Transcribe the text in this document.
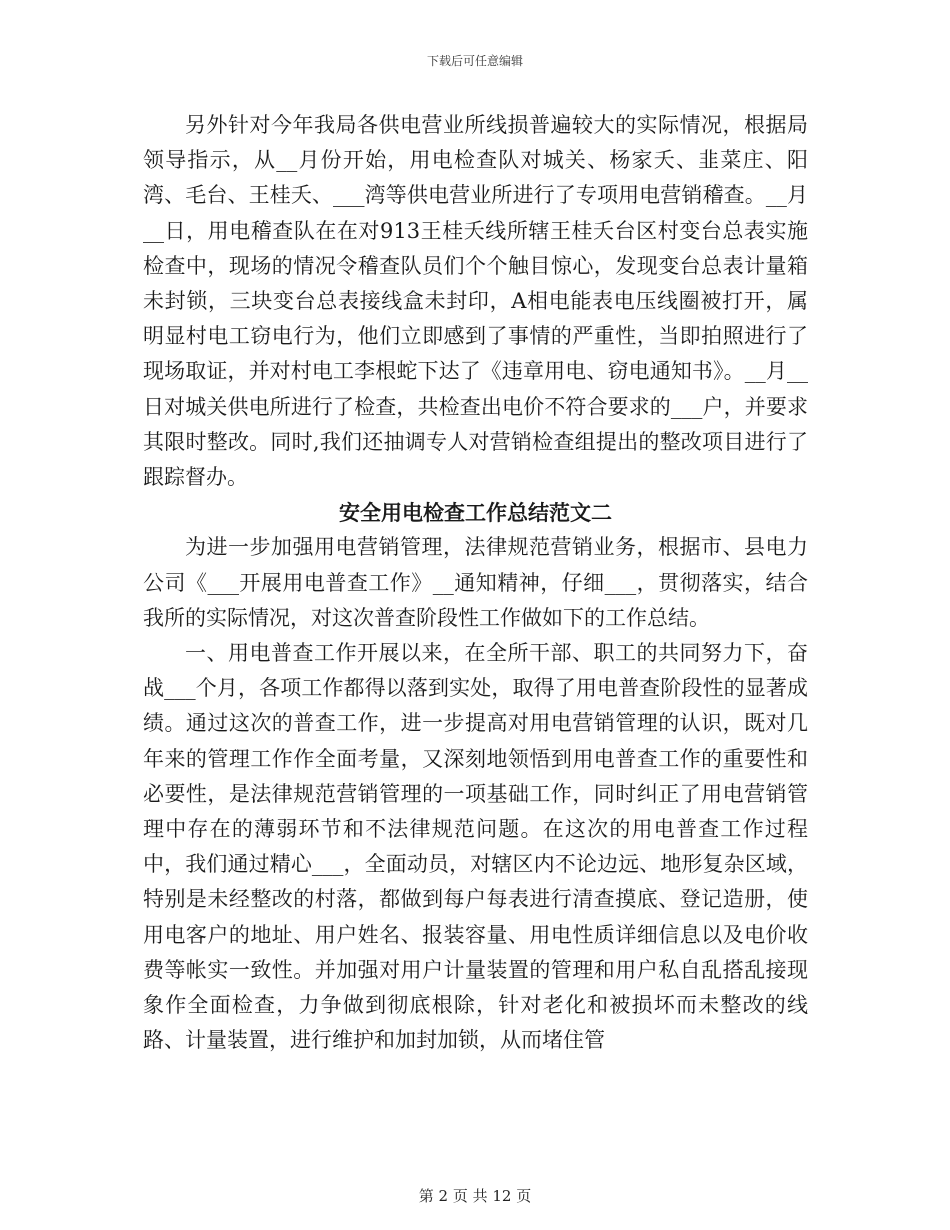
下载后可任意编辑

另外针对今年我局各供电营业所线损普遍较大的实际情况，根据局领导指示，从__月份开始，用电检查队对城关、杨家夭、韭菜庄、阳湾、毛台、王桂夭、___湾等供电营业所进行了专项用电营销稽查。__月__日，用电稽查队在在对913王桂夭线所辖王桂夭台区村变台总表实施检查中，现场的情况令稽查队员们个个触目惊心，发现变台总表计量箱未封锁，三块变台总表接线盒未封印，A相电能表电压线圈被打开，属明显村电工窃电行为，他们立即感到了事情的严重性，当即拍照进行了现场取证，并对村电工李根蛇下达了《违章用电、窃电通知书》。__月__日对城关供电所进行了检查，共检查出电价不符合要求的___户，并要求其限时整改。同时,我们还抽调专人对营销检查组提出的整改项目进行了跟踪督办。

安全用电检查工作总结范文二

为进一步加强用电营销管理，法律规范营销业务，根据市、县电力公司《___开展用电普查工作》__通知精神，仔细___，贯彻落实，结合我所的实际情况，对这次普查阶段性工作做如下的工作总结。

一、用电普查工作开展以来，在全所干部、职工的共同努力下，奋战___个月，各项工作都得以落到实处，取得了用电普查阶段性的显著成绩。通过这次的普查工作，进一步提高对用电营销管理的认识，既对几年来的管理工作作全面考量，又深刻地领悟到用电普查工作的重要性和必要性，是法律规范营销管理的一项基础工作，同时纠正了用电营销管理中存在的薄弱环节和不法律规范问题。在这次的用电普查工作过程中，我们通过精心___，全面动员，对辖区内不论边远、地形复杂区域，特别是未经整改的村落，都做到每户每表进行清查摸底、登记造册，使用电客户的地址、用户姓名、报装容量、用电性质详细信息以及电价收费等帐实一致性。并加强对用户计量装置的管理和用户私自乱搭乱接现象作全面检查，力争做到彻底根除，针对老化和被损坏而未整改的线路、计量装置，进行维护和加封加锁，从而堵住管

第 2 页 共 12 页
